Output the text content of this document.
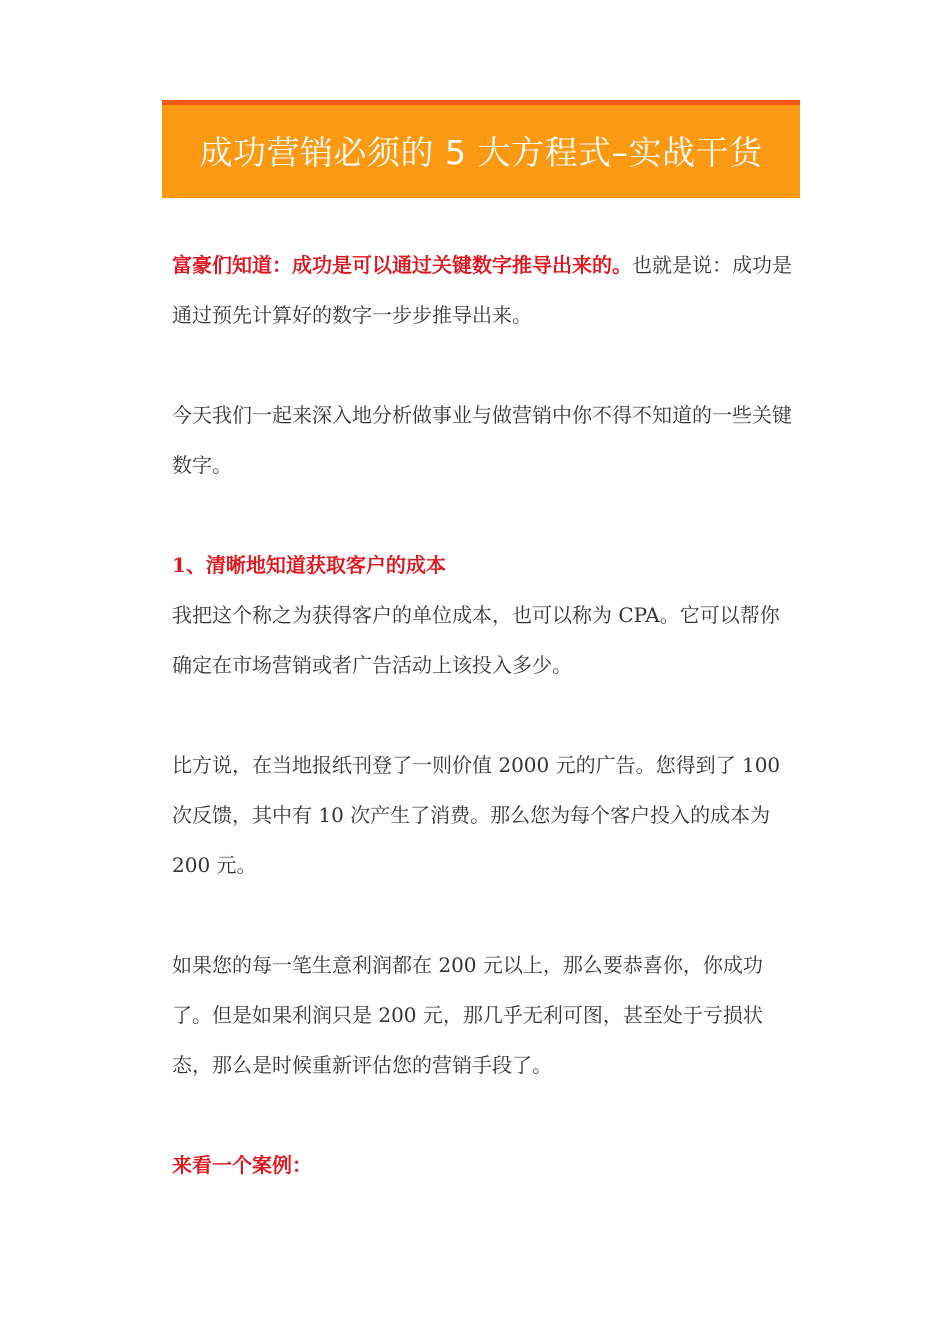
成功营销必须的 5 大方程式–实战干货

富豪们知道：成功是可以通过关键数字推导出来的。也就是说：成功是通过预先计算好的数字一步步推导出来。

今天我们一起来深入地分析做事业与做营销中你不得不知道的一些关键数字。

1、清晰地知道获取客户的成本

我把这个称之为获得客户的单位成本，也可以称为 CPA。它可以帮你确定在市场营销或者广告活动上该投入多少。

比方说，在当地报纸刊登了一则价值 2000 元的广告。您得到了 100 次反馈，其中有 10 次产生了消费。那么您为每个客户投入的成本为 200 元。

如果您的每一笔生意利润都在 200 元以上，那么要恭喜你，你成功了。但是如果利润只是 200 元，那几乎无利可图，甚至处于亏损状态，那么是时候重新评估您的营销手段了。

来看一个案例：
